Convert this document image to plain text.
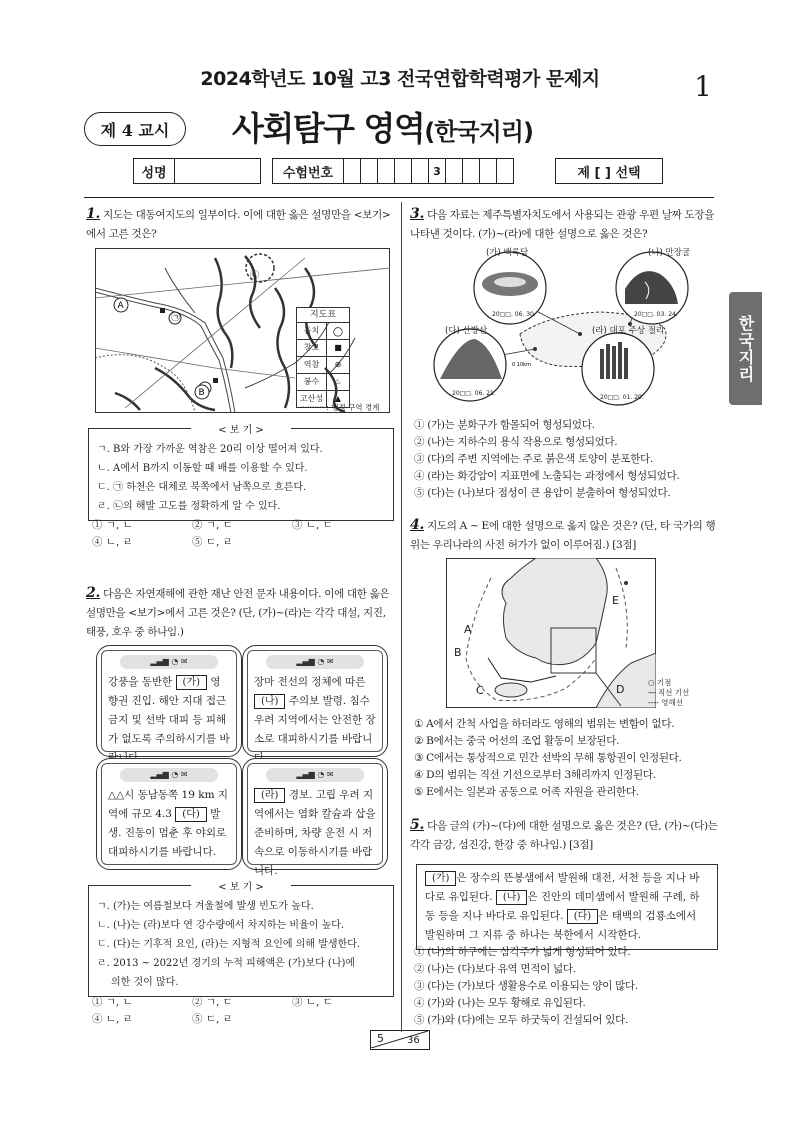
2024학년도 10월 고3 전국연합학력평가 문제지	1
제 4 교시	사회탐구 영역(한국지리)
성명	수험번호	3	제 [ ] 선택
한국지리
1. 지도는 대동여지도의 일부이다. 이에 대한 옳은 설명만을 <보기>에서 고른 것은?
A
B
㉠
㉡
지도표
읍치	○
창고	■
역참	⊕
봉수	♨
고산성	▲
·········· : 행정 구역 경계
< 보 기 >
ㄱ. B와 가장 가까운 역참은 20리 이상 떨어져 있다.
ㄴ. A에서 B까지 이동할 때 배를 이용할 수 있다.
ㄷ. ㉠ 하천은 대체로 북쪽에서 남쪽으로 흐른다.
ㄹ. ㉡의 해발 고도를 정확하게 알 수 있다.
① ㄱ, ㄴ	② ㄱ, ㄷ	③ ㄴ, ㄷ
④ ㄴ, ㄹ	⑤ ㄷ, ㄹ
2. 다음은 자연재해에 관한 재난 안전 문자 내용이다. 이에 대한 옳은 설명만을 <보기>에서 고른 것은? (단, (가)~(라)는 각각 대설, 지진, 태풍, 호우 중 하나임.)
▂▄▆ ◔ ✉
강풍을 동반한 (가) 영향권 진입. 해안 지대 접근 금지 및 선박 대피 등 피해가 없도록 주의하시기를 바
▂▄▆ ◔ ✉
장마 전선의 정체에 따른 (나) 주의보 발령. 침수 우려 지역에서는 안전한 장소로 대피하시기를 바랍니
▂▄▆ ◔ ✉
△△시 동남동쪽 19 km 지역에 규모 4.3 (다) 발생. 진동이 멈춘 후 야외로 대피하시기를 바랍니다.
▂▄▆ ◔ ✉
(라) 경보. 고립 우려 지역에서는 염화 칼슘과 삽을 준비하며, 차량 운전 시 저속으로 이동하시기를 바랍니다.
< 보 기 >
ㄱ. (가)는 여름철보다 겨울철에 발생 빈도가 높다.
ㄴ. (나)는 (라)보다 연 강수량에서 차지하는 비율이 높다.
ㄷ. (다)는 기후적 요인, (라)는 지형적 요인에 의해 발생한다.
ㄹ. 2013 ~ 2022년 경기의 누적 피해액은 (가)보다 (나)에
의한 것이 많다.
① ㄱ, ㄴ	② ㄱ, ㄷ	③ ㄴ, ㄷ
④ ㄴ, ㄹ	⑤ ㄷ, ㄹ
3. 다음 자료는 제주특별자치도에서 사용되는 관광 우편 날짜 도장을 나타낸 것이다. (가)~(라)에 대한 설명으로 옳은 것은?
0 10km
(가) 백록담	(나) 만장굴
(다) 산방산	(라) 대포 주상 절리
20□□. 06. 30.	20□□. 03. 24.
20□□. 06. 21.
20□□. 01. 20.
① (가)는 분화구가 함몰되어 형성되었다.
② (나)는 지하수의 용식 작용으로 형성되었다.
③ (다)의 주변 지역에는 주로 붉은색 토양이 분포한다.
④ (라)는 화강암이 지표면에 노출되는 과정에서 형성되었다.
⑤ (다)는 (나)보다 점성이 큰 용암이 분출하여 형성되었다.
4. 지도의 A ~ E에 대한 설명으로 옳지 않은 것은? (단, 타 국가의 행위는 우리나라의 사전 허가가 없이 이루어짐.) [3점]
B
A
C	D
E
○ 기점
— 직선 기선
---- 영해선
① A에서 간척 사업을 하더라도 영해의 범위는 변함이 없다.
② B에서는 중국 어선의 조업 활동이 보장된다.
③ C에서는 통상적으로 민간 선박의 무해 통항권이 인정된다.
④ D의 범위는 직선 기선으로부터 3해리까지 인정된다.
⑤ E에서는 일본과 공동으로 어족 자원을 관리한다.
5. 다음 글의 (가)~(다)에 대한 설명으로 옳은 것은? (단, (가)~(다)는 각각 금강, 섬진강, 한강 중 하나임.) [3점]
(가) 은 장수의 뜬봉샘에서 발원해 대전, 서천 등을 지나 바다로 유입된다. (나) 은 진안의 데미샘에서 발원해 구례, 하동 등을 지나 바다로 유입된다. (다) 은 태백의 검룡소에서 발원하며 그 지류 중 하나는 북한에서 시작한다.
① (나)의 하구에는 삼각주가 넓게 형성되어 있다.
② (나)는 (다)보다 유역 면적이 넓다.
③ (다)는 (가)보다 생활용수로 이용되는 양이 많다.
④ (가)와 (나)는 모두 황해로 유입된다.
⑤ (가)와 (다)에는 모두 하굿둑이 건설되어 있다.
5 36
